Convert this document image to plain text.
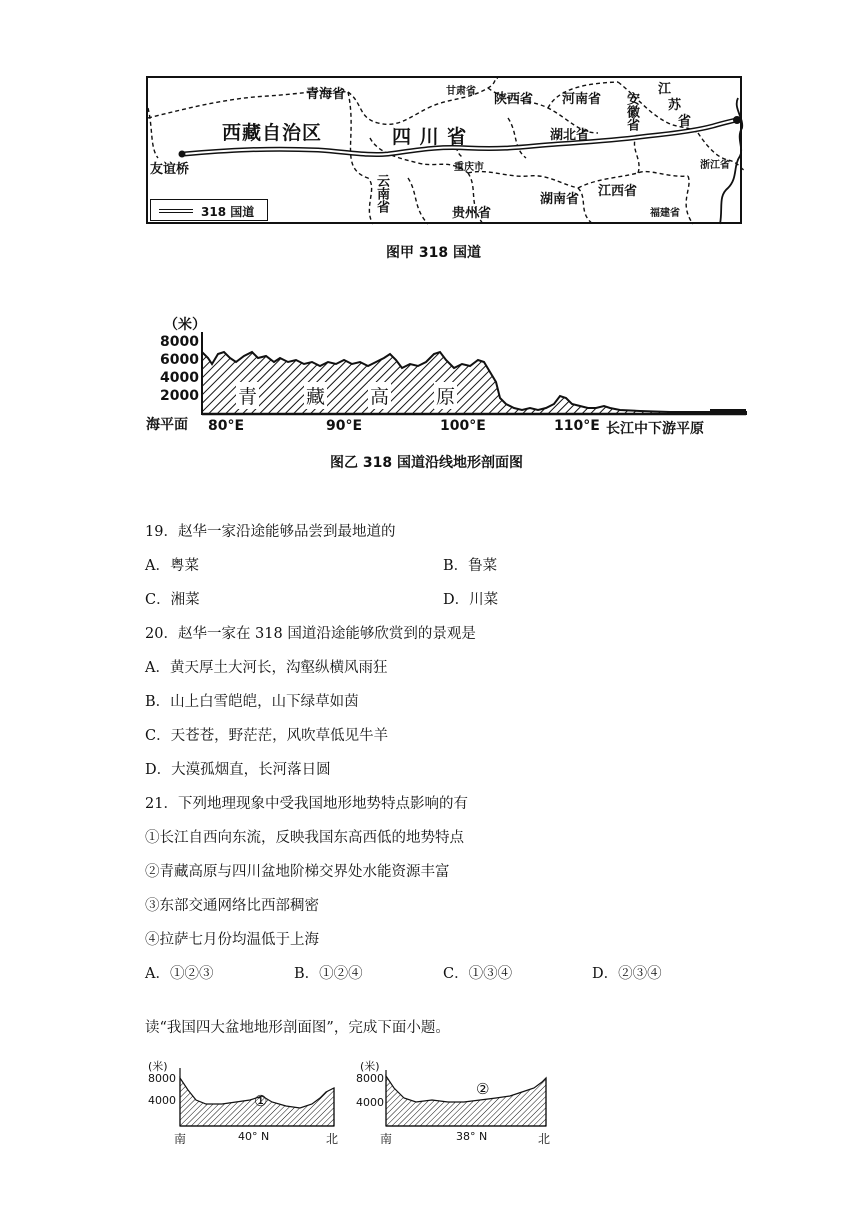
青海省	甘肃省
陕西省 河南省
江
苏
省
安徽省
西藏自治区	四 川 省	湖北省
友谊桥	重庆市	浙江省
云南省
贵州省
湖南省
江西省
福建省
318 国道
图甲 318 国道
（米）
8000
6000
4000
2000
海平面 80°E	90°E	100°E	110°E 长江中下游平原
青	藏 高 原
图乙 318 国道沿线地形剖面图
19．赵华一家沿途能够品尝到最地道的
A．粤菜	B．鲁菜
C．湘菜	D．川菜
20．赵华一家在 318 国道沿途能够欣赏到的景观是
A．黄天厚土大河长，沟壑纵横风雨狂
B．山上白雪皑皑，山下绿草如茵
C．天苍苍，野茫茫，风吹草低见牛羊
D．大漠孤烟直，长河落日圆
21．下列地理现象中受我国地形地势特点影响的有
①长江自西向东流，反映我国东高西低的地势特点
②青藏高原与四川盆地阶梯交界处水能资源丰富
③东部交通网络比西部稠密
④拉萨七月份均温低于上海
A．①②③	B．①②④	C．①③④	D．②③④
读“我国四大盆地地形剖面图”，完成下面小题。
(米)
8000
4000
南	40° N	北
①
(米)
8000
4000
南	38° N	北
②
